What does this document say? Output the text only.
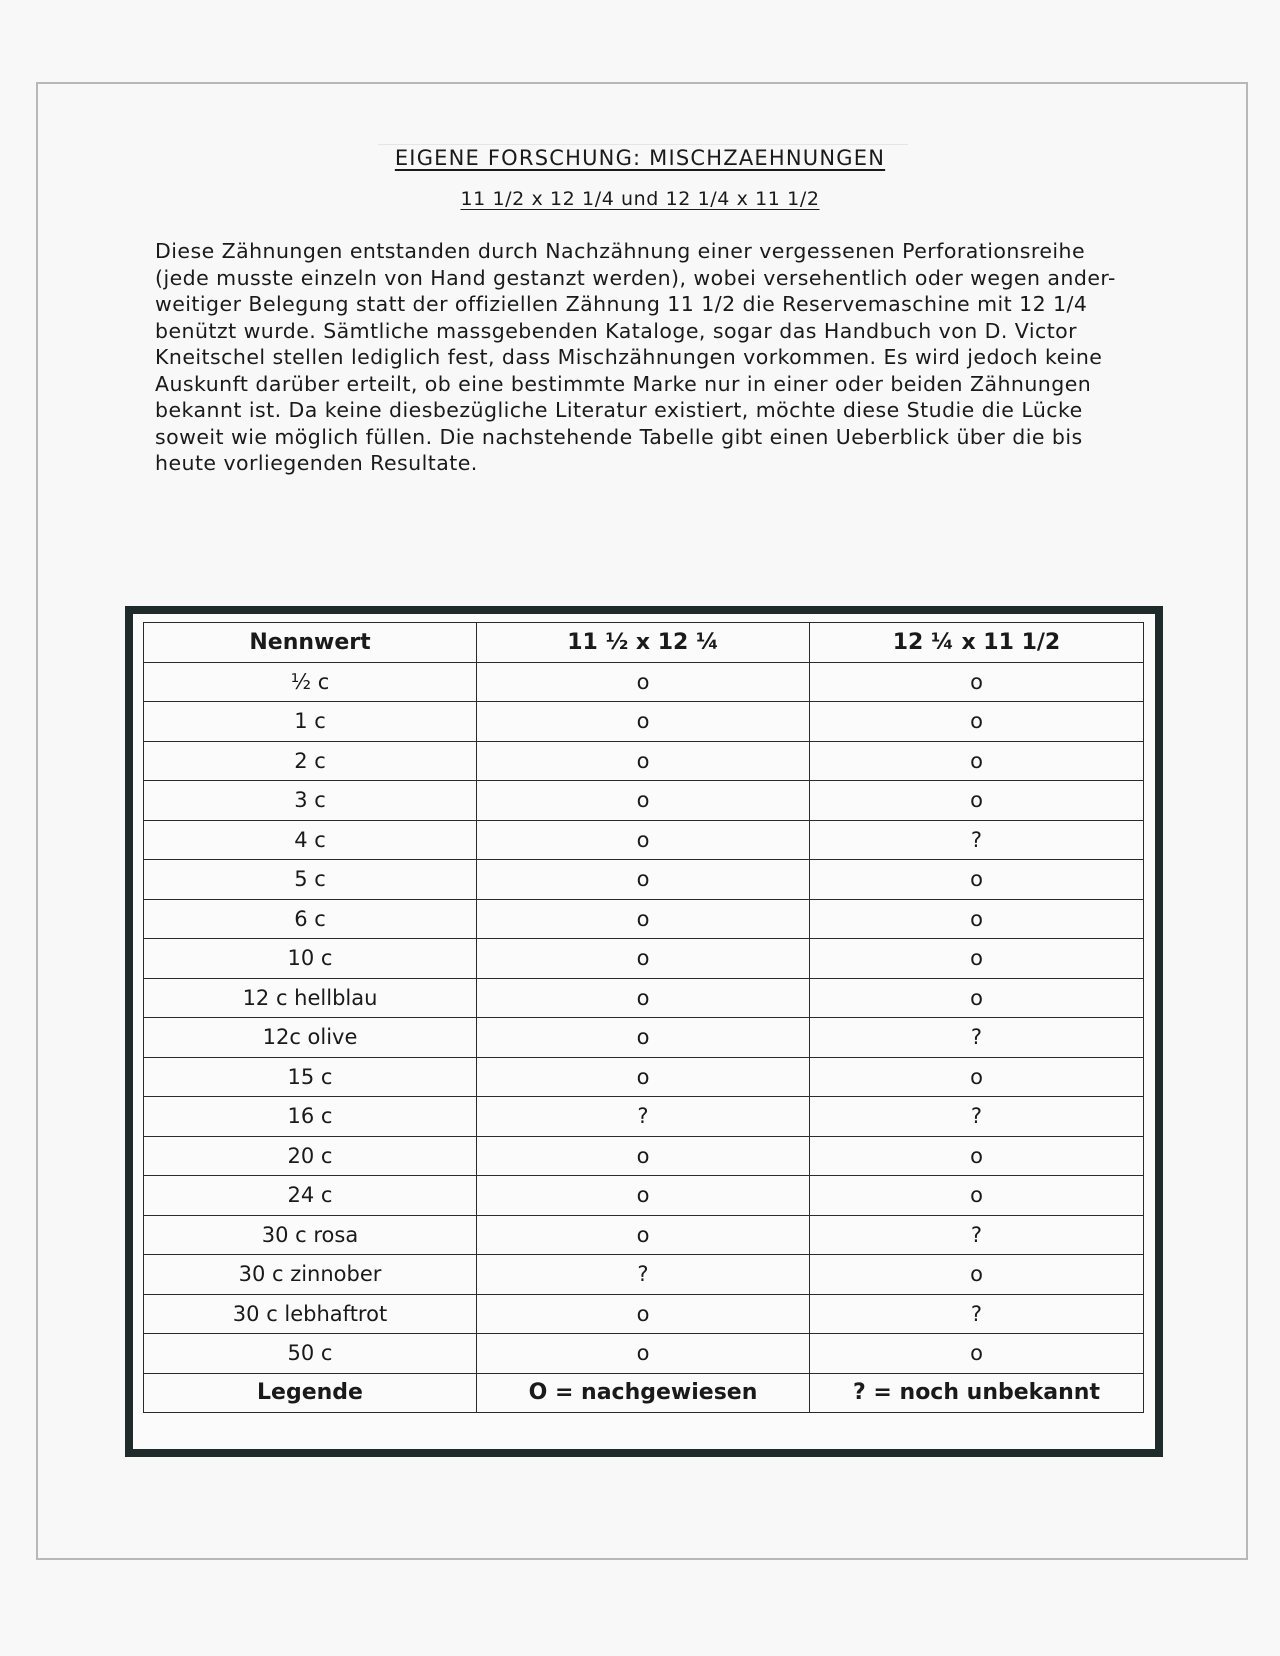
EIGENE FORSCHUNG: MISCHZAEHNUNGEN

11 1/2 x 12 1/4 und 12 1/4 x 11 1/2

Diese Zähnungen entstanden durch Nachzähnung einer vergessenen Perforationsreihe
(jede musste einzeln von Hand gestanzt werden), wobei versehentlich oder wegen ander-
weitiger Belegung statt der offiziellen Zähnung 11 1/2 die Reservemaschine mit 12 1/4
benützt wurde. Sämtliche massgebenden Kataloge, sogar das Handbuch von D. Victor
Kneitschel stellen lediglich fest, dass Mischzähnungen vorkommen. Es wird jedoch keine
Auskunft darüber erteilt, ob eine bestimmte Marke nur in einer oder beiden Zähnungen
bekannt ist. Da keine diesbezügliche Literatur existiert, möchte diese Studie die Lücke
soweit wie möglich füllen. Die nachstehende Tabelle gibt einen Ueberblick über die bis
heute vorliegenden Resultate.

Nennwert	11 ½ x 12 ¼	12 ¼ x 11 1/2
½ c	o	o
1 c	o	o
2 c	o	o
3 c	o	o
4 c	o	?
5 c	o	o
6 c	o	o
10 c	o	o
12 c hellblau	o	o
12c olive	o	?
15 c	o	o
16 c	?	?
20 c	o	o
24 c	o	o
30 c rosa	o	?
30 c zinnober	?	o
30 c lebhaftrot	o	?
50 c	o	o
Legende	O = nachgewiesen	? = noch unbekannt
